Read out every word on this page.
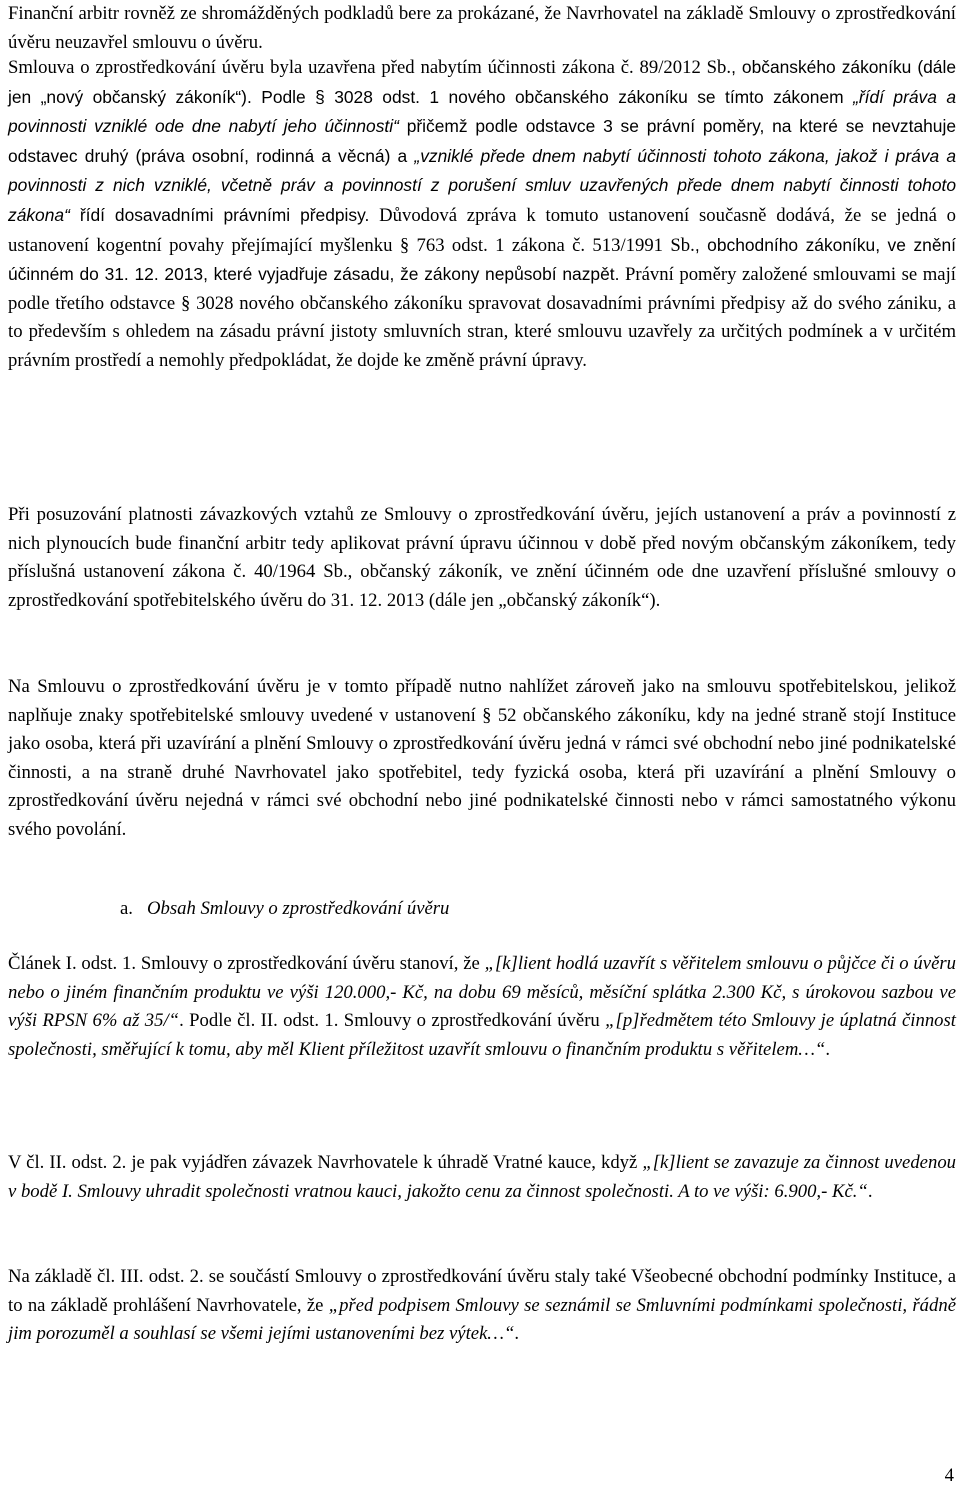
Finanční arbitr rovněž ze shromážděných podkladů bere za prokázané, že Navrhovatel na základě Smlouvy o zprostředkování úvěru neuzavřel smlouvu o úvěru.

Smlouva o zprostředkování úvěru byla uzavřena před nabytím účinnosti zákona č. 89/2012 Sb., občanského zákoníku (dále jen „nový občanský zákoník“). Podle § 3028 odst. 1 nového občanského zákoníku se tímto zákonem „řídí práva a povinnosti vzniklé ode dne nabytí jeho účinnosti“ přičemž podle odstavce 3 se právní poměry, na které se nevztahuje odstavec druhý (práva osobní, rodinná a věcná) a „vzniklé přede dnem nabytí účinnosti tohoto zákona, jakož i práva a povinnosti z nich vzniklé, včetně práv a povinností z porušení smluv uzavřených přede dnem nabytí činnosti tohoto zákona“ řídí dosavadními právními předpisy. Důvodová zpráva k tomuto ustanovení současně dodává, že se jedná o ustanovení kogentní povahy přejímající myšlenku § 763 odst. 1 zákona č. 513/1991 Sb., obchodního zákoníku, ve znění účinném do 31. 12. 2013, které vyjadřuje zásadu, že zákony nepůsobí nazpět. Právní poměry založené smlouvami se mají podle třetího odstavce § 3028 nového občanského zákoníku spravovat dosavadními právními předpisy až do svého zániku, a to především s ohledem na zásadu právní jistoty smluvních stran, které smlouvu uzavřely za určitých podmínek a v určitém právním prostředí a nemohly předpokládat, že dojde ke změně právní úpravy.

Při posuzování platnosti závazkových vztahů ze Smlouvy o zprostředkování úvěru, jejích ustanovení a práv a povinností z nich plynoucích bude finanční arbitr tedy aplikovat právní úpravu účinnou v době před novým občanským zákoníkem, tedy příslušná ustanovení zákona č. 40/1964 Sb., občanský zákoník, ve znění účinném ode dne uzavření příslušné smlouvy o zprostředkování spotřebitelského úvěru do 31. 12. 2013 (dále jen „občanský zákoník“).

Na Smlouvu o zprostředkování úvěru je v tomto případě nutno nahlížet zároveň jako na smlouvu spotřebitelskou, jelikož naplňuje znaky spotřebitelské smlouvy uvedené v ustanovení § 52 občanského zákoníku, kdy na jedné straně stojí Instituce jako osoba, která při uzavírání a plnění Smlouvy o zprostředkování úvěru jedná v rámci své obchodní nebo jiné podnikatelské činnosti, a na straně druhé Navrhovatel jako spotřebitel, tedy fyzická osoba, která při uzavírání a plnění Smlouvy o zprostředkování úvěru nejedná v rámci své obchodní nebo jiné podnikatelské činnosti nebo v rámci samostatného výkonu svého povolání.

a. Obsah Smlouvy o zprostředkování úvěru

Článek I. odst. 1. Smlouvy o zprostředkování úvěru stanoví, že „[k]lient hodlá uzavřít s věřitelem smlouvu o půjčce či o úvěru nebo o jiném finančním produktu ve výši 120.000,- Kč, na dobu 69 měsíců, měsíční splátka 2.300 Kč, s úrokovou sazbou ve výši RPSN 6% až 35/“. Podle čl. II. odst. 1. Smlouvy o zprostředkování úvěru „[p]ředmětem této Smlouvy je úplatná činnost společnosti, směřující k tomu, aby měl Klient příležitost uzavřít smlouvu o finančním produktu s věřitelem…“.

V čl. II. odst. 2. je pak vyjádřen závazek Navrhovatele k úhradě Vratné kauce, když „[k]lient se zavazuje za činnost uvedenou v bodě I. Smlouvy uhradit společnosti vratnou kauci, jakožto cenu za činnost společnosti. A to ve výši: 6.900,- Kč.“.

Na základě čl. III. odst. 2. se součástí Smlouvy o zprostředkování úvěru staly také Všeobecné obchodní podmínky Instituce, a to na základě prohlášení Navrhovatele, že „před podpisem Smlouvy se seznámil se Smluvními podmínkami společnosti, řádně jim porozuměl a souhlasí se všemi jejími ustanoveními bez výtek…“.

4
